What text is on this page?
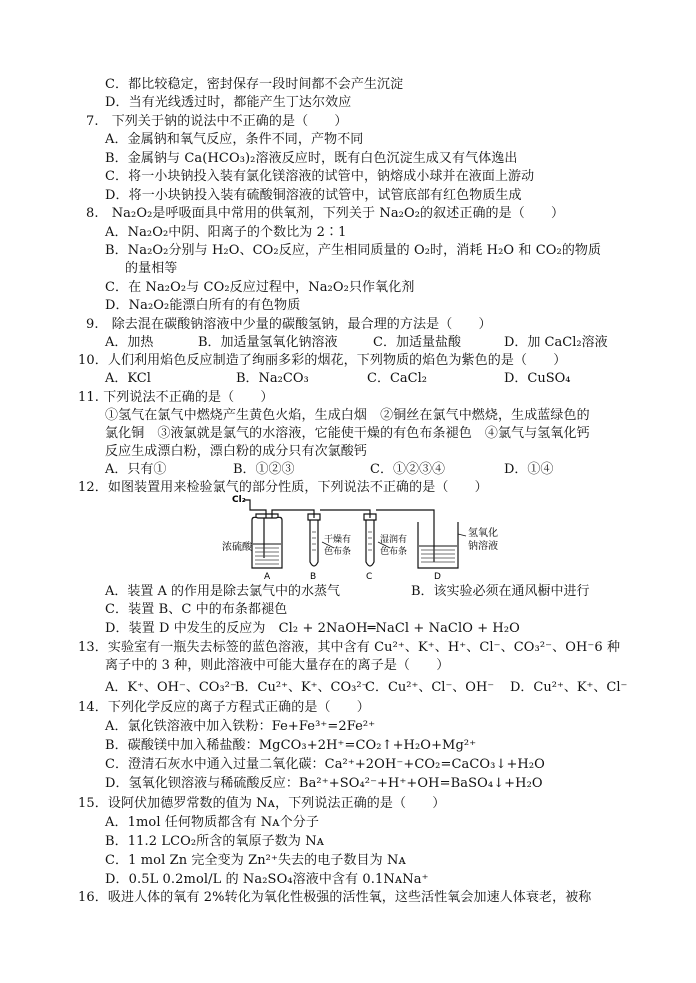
C．都比较稳定，密封保存一段时间都不会产生沉淀
D．当有光线透过时，都能产生丁达尔效应
7.　下列关于钠的说法中不正确的是（　　）
A．金属钠和氧气反应，条件不同，产物不同
B．金属钠与 Ca(HCO₃)₂溶液反应时，既有白色沉淀生成又有气体逸出
C．将一小块钠投入装有氯化镁溶液的试管中，钠熔成小球并在液面上游动
D．将一小块钠投入装有硫酸铜溶液的试管中，试管底部有红色物质生成
8.　Na₂O₂是呼吸面具中常用的供氧剂，下列关于 Na₂O₂的叙述正确的是（　　）
A．Na₂O₂中阴、阳离子的个数比为 2∶1
B．Na₂O₂分别与 H₂O、CO₂反应，产生相同质量的 O₂时，消耗 H₂O 和 CO₂的物质
的量相等
C．在 Na₂O₂与 CO₂反应过程中，Na₂O₂只作氧化剂
D．Na₂O₂能漂白所有的有色物质
9.　除去混在碳酸钠溶液中少量的碳酸氢钠，最合理的方法是（　　）
A．加热	B．加适量氢氧化钠溶液	C．加适量盐酸	D．加 CaCl₂溶液
10．人们利用焰色反应制造了绚丽多彩的烟花，下列物质的焰色为紫色的是（　　）
A．KCl	B．Na₂CO₃	C．CaCl₂	D．CuSO₄
11. 下列说法不正确的是（　　）
①氢气在氯气中燃烧产生黄色火焰，生成白烟　②铜丝在氯气中燃烧，生成蓝绿色的
氯化铜　③液氯就是氯气的水溶液，它能使干燥的有色布条褪色　④氯气与氢氧化钙
反应生成漂白粉，漂白粉的成分只有次氯酸钙
A．只有①	B．①②③	C．①②③④	D．①④
12．如图装置用来检验氯气的部分性质，下列说法不正确的是（　　）
Cl₂
浓硫酸
干燥有
色布条
湿润有
色布条
氢氧化
钠溶液
A	B	C	D
A．装置 A 的作用是除去氯气中的水蒸气	B．该实验必须在通风橱中进行
C．装置 B、C 中的布条都褪色
D．装置 D 中发生的反应为　Cl₂ + 2NaOH═NaCl + NaClO + H₂O
13．实验室有一瓶失去标签的蓝色溶液，其中含有 Cu²⁺、K⁺、H⁺、Cl⁻、CO₃²⁻、OH⁻6 种
离子中的 3 种，则此溶液中可能大量存在的离子是（　　）
A．K⁺、OH⁻、CO₃²⁻B．Cu²⁺、K⁺、CO₃²⁻C．Cu²⁺、Cl⁻、OH⁻ D．Cu²⁺、K⁺、Cl⁻
14．下列化学反应的离子方程式正确的是（　　）
A．氯化铁溶液中加入铁粉：Fe+Fe³⁺=2Fe²⁺
B．碳酸镁中加入稀盐酸：MgCO₃+2H⁺=CO₂↑+H₂O+Mg²⁺
C．澄清石灰水中通入过量二氧化碳：Ca²⁺+2OH⁻+CO₂=CaCO₃↓+H₂O
D．氢氧化钡溶液与稀硫酸反应：Ba²⁺+SO₄²⁻+H⁺+OH=BaSO₄↓+H₂O
15．设阿伏加德罗常数的值为 Nᴀ，下列说法正确的是（　　）
A．1mol 任何物质都含有 Nᴀ个分子
B．11.2 LCO₂所含的氧原子数为 Nᴀ
C．1 mol Zn 完全变为 Zn²⁺失去的电子数目为 Nᴀ
D．0.5L 0.2mol/L 的 Na₂SO₄溶液中含有 0.1NᴀNa⁺
16．吸进人体的氧有 2%转化为氧化性极强的活性氧，这些活性氧会加速人体衰老，被称
